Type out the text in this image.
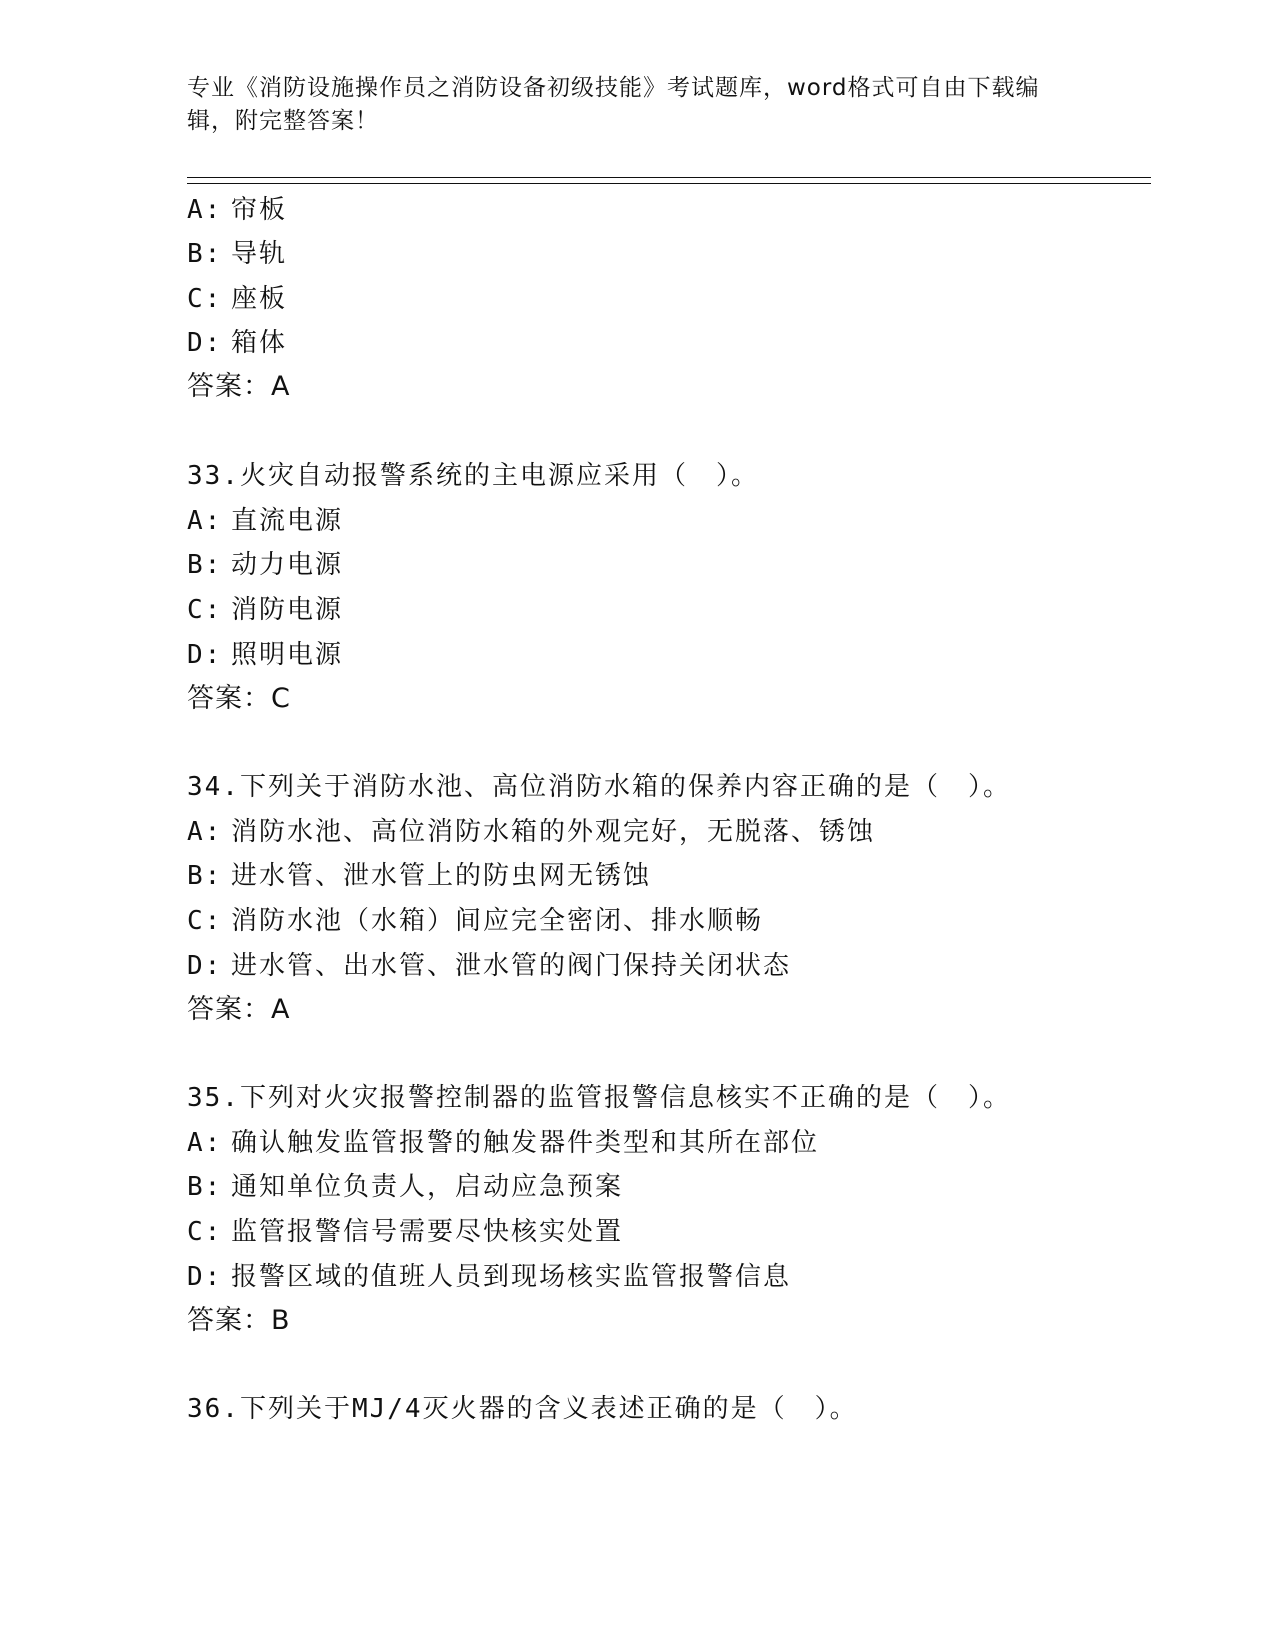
专业《消防设施操作员之消防设备初级技能》考试题库，word格式可自由下载编
辑，附完整答案！
A: 帘板
B: 导轨
C: 座板
D: 箱体
答案：A
33.火灾自动报警系统的主电源应采用（　）。
A: 直流电源
B: 动力电源
C: 消防电源
D: 照明电源
答案：C
34.下列关于消防水池、高位消防水箱的保养内容正确的是（　）。
A: 消防水池、高位消防水箱的外观完好，无脱落、锈蚀
B: 进水管、泄水管上的防虫网无锈蚀
C: 消防水池（水箱）间应完全密闭、排水顺畅
D: 进水管、出水管、泄水管的阀门保持关闭状态
答案：A
35.下列对火灾报警控制器的监管报警信息核实不正确的是（　）。
A: 确认触发监管报警的触发器件类型和其所在部位
B: 通知单位负责人，启动应急预案
C: 监管报警信号需要尽快核实处置
D: 报警区域的值班人员到现场核实监管报警信息
答案：B
36.下列关于MJ/4灭火器的含义表述正确的是（　）。
